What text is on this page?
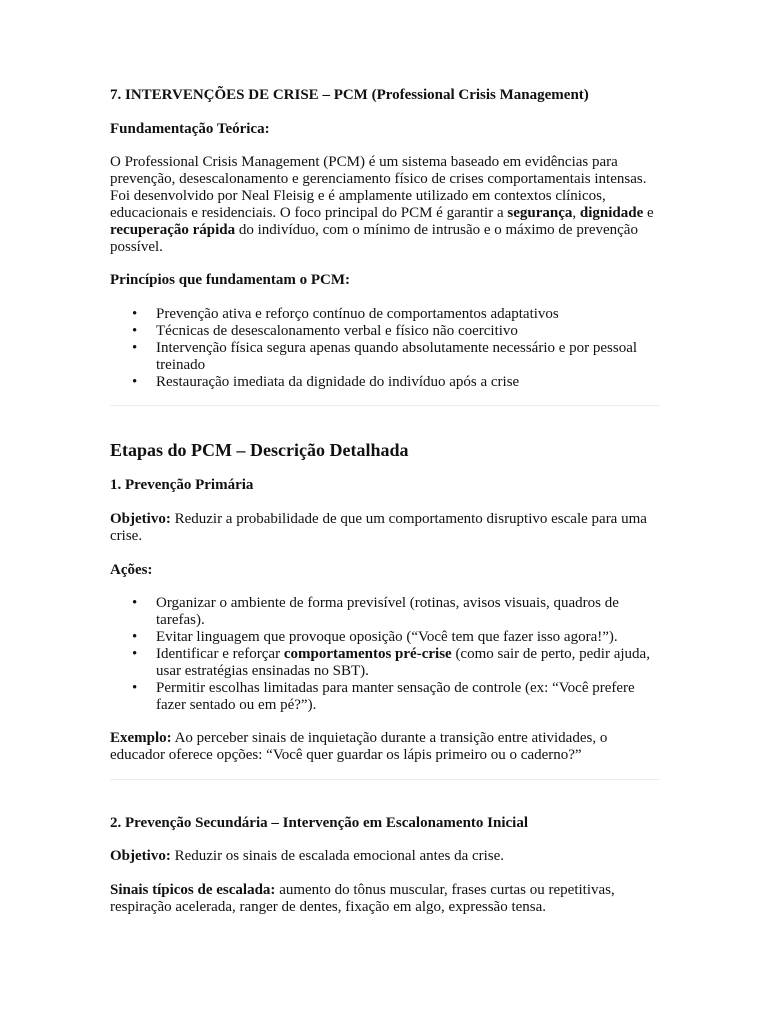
7. INTERVENÇÕES DE CRISE – PCM (Professional Crisis Management)

Fundamentação Teórica:

O Professional Crisis Management (PCM) é um sistema baseado em evidências para prevenção, desescalonamento e gerenciamento físico de crises comportamentais intensas. Foi desenvolvido por Neal Fleisig e é amplamente utilizado em contextos clínicos, educacionais e residenciais. O foco principal do PCM é garantir a segurança, dignidade e recuperação rápida do indivíduo, com o mínimo de intrusão e o máximo de prevenção possível.

Princípios que fundamentam o PCM:

• Prevenção ativa e reforço contínuo de comportamentos adaptativos
• Técnicas de desescalonamento verbal e físico não coercitivo
• Intervenção física segura apenas quando absolutamente necessário e por pessoal treinado
• Restauração imediata da dignidade do indivíduo após a crise
Etapas do PCM – Descrição Detalhada

1. Prevenção Primária

Objetivo: Reduzir a probabilidade de que um comportamento disruptivo escale para uma crise.

Ações:

• Organizar o ambiente de forma previsível (rotinas, avisos visuais, quadros de tarefas).
• Evitar linguagem que provoque oposição (“Você tem que fazer isso agora!”).
• Identificar e reforçar comportamentos pré-crise (como sair de perto, pedir ajuda, usar estratégias ensinadas no SBT).
• Permitir escolhas limitadas para manter sensação de controle (ex: “Você prefere fazer sentado ou em pé?”).

Exemplo: Ao perceber sinais de inquietação durante a transição entre atividades, o educador oferece opções: “Você quer guardar os lápis primeiro ou o caderno?”

2. Prevenção Secundária – Intervenção em Escalonamento Inicial

Objetivo: Reduzir os sinais de escalada emocional antes da crise.

Sinais típicos de escalada: aumento do tônus muscular, frases curtas ou repetitivas, respiração acelerada, ranger de dentes, fixação em algo, expressão tensa.
